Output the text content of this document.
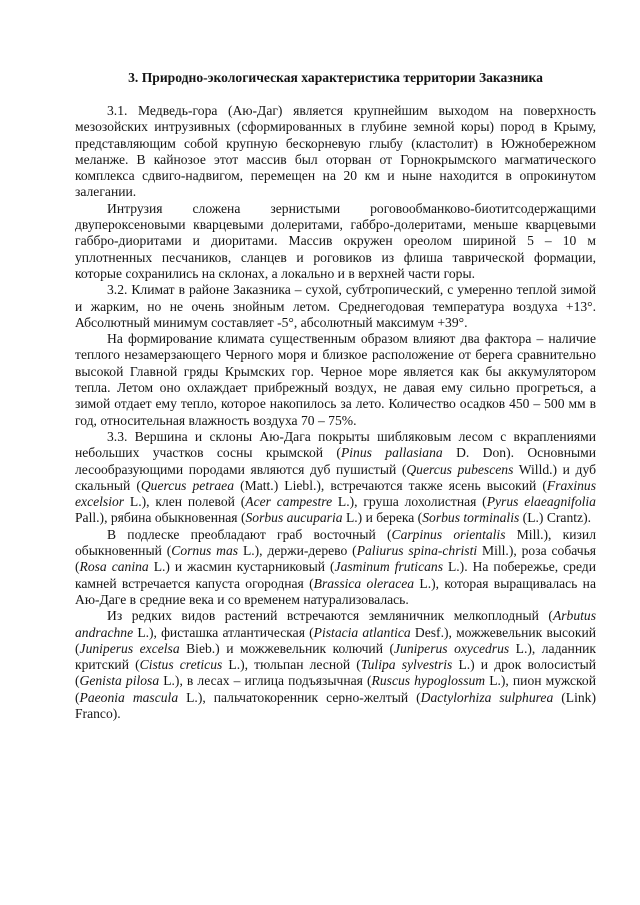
3. Природно-экологическая характеристика территории Заказника

3.1. Медведь-гора (Аю-Даг) является крупнейшим выходом на поверхность мезозойских интрузивных (сформированных в глубине земной коры) пород в Крыму, представляющим собой крупную бескорневую глыбу (кластолит) в Южнобережном меланже. В кайнозое этот массив был оторван от Горнокрымского магматического комплекса сдвиго-надвигом, перемещен на 20 км и ныне находится в опрокинутом залегании.

Интрузия сложена зернистыми роговообманково-биотитсодержащими двупероксеновыми кварцевыми долеритами, габбро-долеритами, меньше кварцевыми габбро-диоритами и диоритами. Массив окружен ореолом шириной 5 – 10 м уплотненных песчаников, сланцев и роговиков из флиша таврической формации, которые сохранились на склонах, а локально и в верхней части горы.

3.2. Климат в районе Заказника – сухой, субтропический, с умеренно теплой зимой и жарким, но не очень знойным летом. Среднегодовая температура воздуха +13°. Абсолютный минимум составляет -5°, абсолютный максимум +39°.

На формирование климата существенным образом влияют два фактора – наличие теплого незамерзающего Черного моря и близкое расположение от берега сравнительно высокой Главной гряды Крымских гор. Черное море является как бы аккумулятором тепла. Летом оно охлаждает прибрежный воздух, не давая ему сильно прогреться, а зимой отдает ему тепло, которое накопилось за лето. Количество осадков 450 – 500 мм в год, относительная влажность воздуха 70 – 75%.

3.3. Вершина и склоны Аю-Дага покрыты шибляковым лесом с вкраплениями небольших участков сосны крымской (Pinus pallasiana D. Don). Основными лесообразующими породами являются дуб пушистый (Quercus pubescens Willd.) и дуб скальный (Quercus petraea (Matt.) Liebl.), встречаются также ясень высокий (Fraxinus excelsior L.), клен полевой (Acer campestre L.), груша лохолистная (Pyrus elaeagnifolia Pall.), рябина обыкновенная (Sorbus aucuparia L.) и берека (Sorbus torminalis (L.) Crantz).

В подлеске преобладают граб восточный (Carpinus orientalis Mill.), кизил обыкновенный (Cornus mas L.), держи-дерево (Paliurus spina-christi Mill.), роза собачья (Rosa canina L.) и жасмин кустарниковый (Jasminum fruticans L.). На побережье, среди камней встречается капуста огородная (Brassica oleracea L.), которая выращивалась на Аю-Даге в средние века и со временем натурализовалась.

Из редких видов растений встречаются земляничник мелкоплодный (Arbutus andrachne L.), фисташка атлантическая (Pistacia atlantica Desf.), можжевельник высокий (Juniperus excelsa Bieb.) и можжевельник колючий (Juniperus oxycedrus L.), ладанник критский (Cistus creticus L.), тюльпан лесной (Tulipa sylvestris L.) и дрок волосистый (Genista pilosa L.), в лесах – иглица подъязычная (Ruscus hypoglossum L.), пион мужской (Paeonia mascula L.), пальчатокоренник серно-желтый (Dactylorhiza sulphurea (Link) Franco).
